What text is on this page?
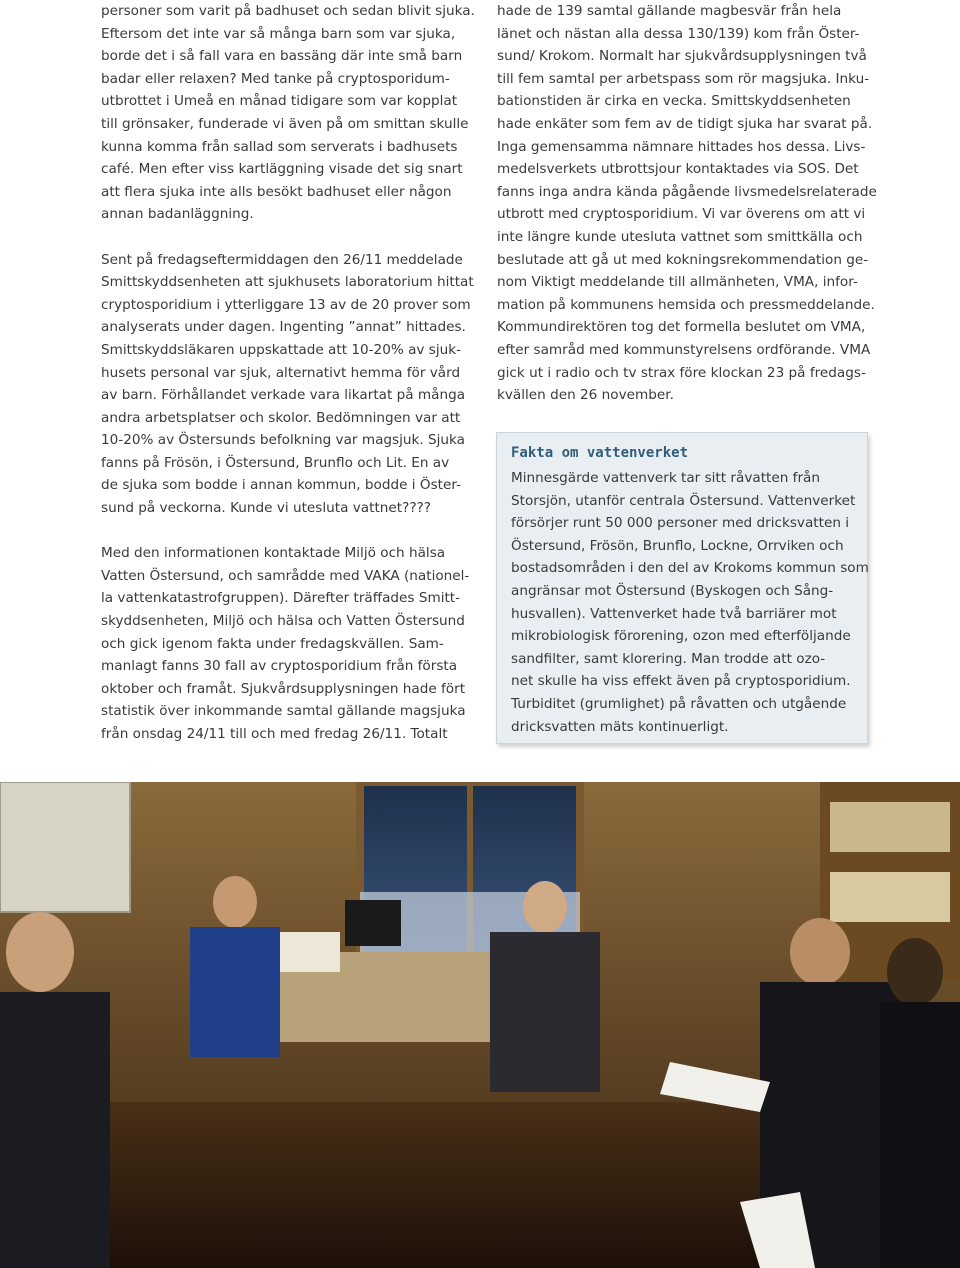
personer som varit på badhuset och sedan blivit sjuka.
Eftersom det inte var så många barn som var sjuka,
borde det i så fall vara en bassäng där inte små barn
badar eller relaxen? Med tanke på cryptosporidum-
utbrottet i Umeå en månad tidigare som var kopplat
till grönsaker, funderade vi även på om smittan skulle
kunna komma från sallad som serverats i badhusets
café. Men efter viss kartläggning visade det sig snart
att flera sjuka inte alls besökt badhuset eller någon
annan badanläggning.
Sent på fredagseftermiddagen den 26/11 meddelade
Smittskyddsenheten att sjukhusets laboratorium hittat
cryptosporidium i ytterliggare 13 av de 20 prover som
analyserats under dagen. Ingenting ”annat” hittades.
Smittskyddsläkaren uppskattade att 10-20% av sjuk-
husets personal var sjuk, alternativt hemma för vård
av barn. Förhållandet verkade vara likartat på många
andra arbetsplatser och skolor. Bedömningen var att
10-20% av Östersunds befolkning var magsjuk. Sjuka
fanns på Frösön, i Östersund, Brunflo och Lit. En av
de sjuka som bodde i annan kommun, bodde i Öster-
sund på veckorna. Kunde vi utesluta vattnet????
Med den informationen kontaktade Miljö och hälsa
Vatten Östersund, och samrådde med VAKA (nationel-
la vattenkatastrofgruppen). Därefter träffades Smitt-
skyddsenheten, Miljö och hälsa och Vatten Östersund
och gick igenom fakta under fredagskvällen. Sam-
manlagt fanns 30 fall av cryptosporidium från första
oktober och framåt. Sjukvårdsupplysningen hade fört
statistik över inkommande samtal gällande magsjuka
från onsdag 24/11 till och med fredag 26/11. Totalt
hade de 139 samtal gällande magbesvär från hela
länet och nästan alla dessa 130/139) kom från Öster-
sund/ Krokom. Normalt har sjukvårdsupplysningen två
till fem samtal per arbetspass som rör magsjuka. Inku-
bationstiden är cirka en vecka. Smittskyddsenheten
hade enkäter som fem av de tidigt sjuka har svarat på.
Inga gemensamma nämnare hittades hos dessa. Livs-
medelsverkets utbrottsjour kontaktades via SOS. Det
fanns inga andra kända pågående livsmedelsrelaterade
utbrott med cryptosporidium. Vi var överens om att vi
inte längre kunde utesluta vattnet som smittkälla och
beslutade att gå ut med kokningsrekommendation ge-
nom Viktigt meddelande till allmänheten, VMA, infor-
mation på kommunens hemsida och pressmeddelande.
Kommundirektören tog det formella beslutet om VMA,
efter samråd med kommunstyrelsens ordförande. VMA
gick ut i radio och tv strax före klockan 23 på fredags-
kvällen den 26 november.
Fakta om vattenverket
Minnesgärde vattenverk tar sitt råvatten från
Storsjön, utanför centrala Östersund. Vattenverket
försörjer runt 50 000 personer med dricksvatten i
Östersund, Frösön, Brunflo, Lockne, Orrviken och
bostadsområden i den del av Krokoms kommun som
angränsar mot Östersund (Byskogen och Sång-
husvallen). Vattenverket hade två barriärer mot
mikrobiologisk förorening, ozon med efterföljande
sandfilter, samt klorering. Man trodde att ozo-
net skulle ha viss effekt även på cryptosporidium.
Turbiditet (grumlighet) på råvatten och utgående
dricksvatten mäts kontinuerligt.
